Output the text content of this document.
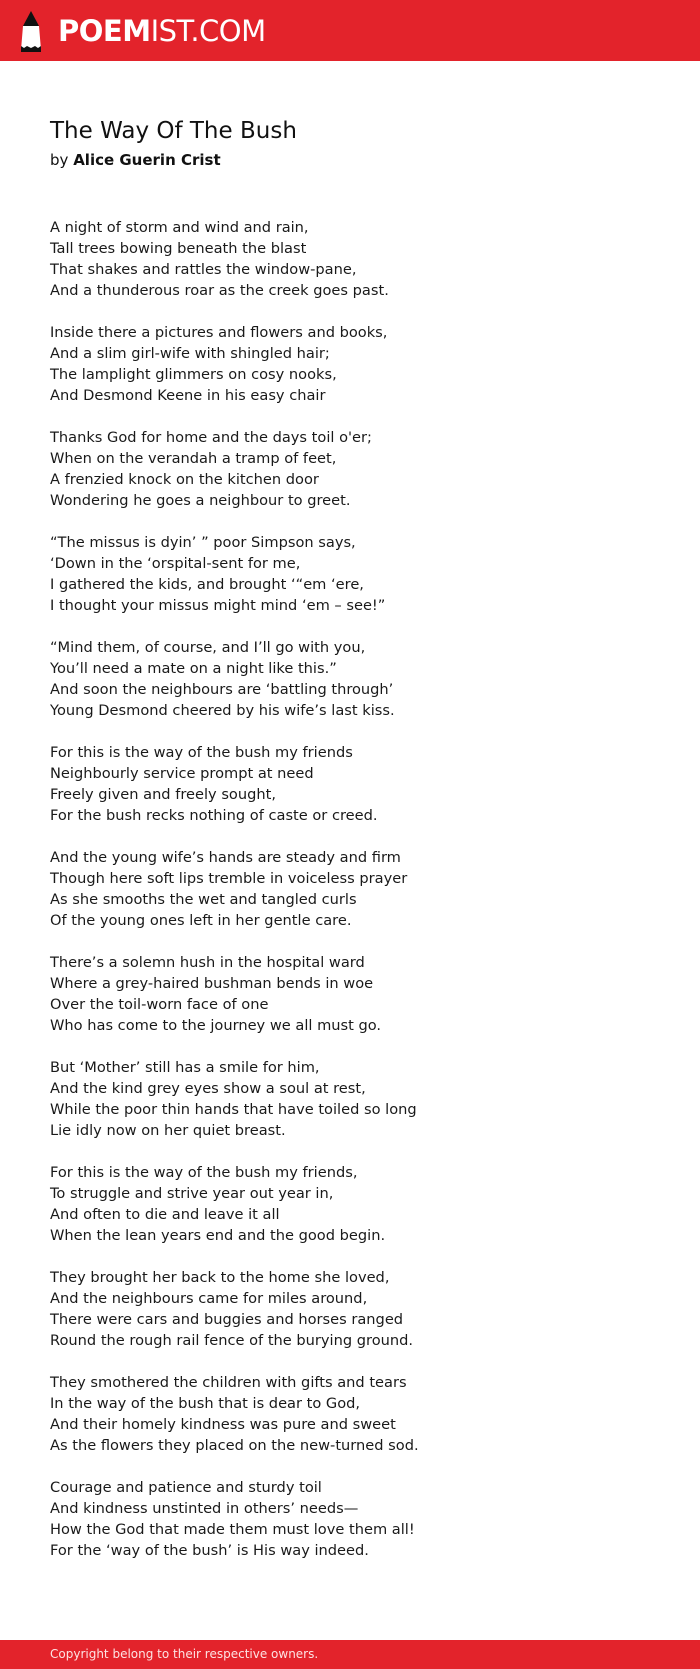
POEMIST.COM
The Way Of The Bush
by Alice Guerin Crist

A night of storm and wind and rain,
Tall trees bowing beneath the blast
That shakes and rattles the window-pane,
And a thunderous roar as the creek goes past.

Inside there a pictures and flowers and books,
And a slim girl-wife with shingled hair;
The lamplight glimmers on cosy nooks,
And Desmond Keene in his easy chair

Thanks God for home and the days toil o'er;
When on the verandah a tramp of feet,
A frenzied knock on the kitchen door
Wondering he goes a neighbour to greet.

“The missus is dyin’ ” poor Simpson says,
‘Down in the ‘orspital-sent for me,
I gathered the kids, and brought ‘“em ‘ere,
I thought your missus might mind ‘em – see!”

“Mind them, of course, and I’ll go with you,
You’ll need a mate on a night like this.”
And soon the neighbours are ‘battling through’
Young Desmond cheered by his wife’s last kiss.

For this is the way of the bush my friends
Neighbourly service prompt at need
Freely given and freely sought,
For the bush recks nothing of caste or creed.

And the young wife’s hands are steady and firm
Though here soft lips tremble in voiceless prayer
As she smooths the wet and tangled curls
Of the young ones left in her gentle care.

There’s a solemn hush in the hospital ward
Where a grey-haired bushman bends in woe
Over the toil-worn face of one
Who has come to the journey we all must go.

But ‘Mother’ still has a smile for him,
And the kind grey eyes show a soul at rest,
While the poor thin hands that have toiled so long
Lie idly now on her quiet breast.

For this is the way of the bush my friends,
To struggle and strive year out year in,
And often to die and leave it all
When the lean years end and the good begin.

They brought her back to the home she loved,
And the neighbours came for miles around,
There were cars and buggies and horses ranged
Round the rough rail fence of the burying ground.

They smothered the children with gifts and tears
In the way of the bush that is dear to God,
And their homely kindness was pure and sweet
As the flowers they placed on the new-turned sod.

Courage and patience and sturdy toil
And kindness unstinted in others’ needs—
How the God that made them must love them all!
For the ‘way of the bush’ is His way indeed.

Copyright belong to their respective owners.
